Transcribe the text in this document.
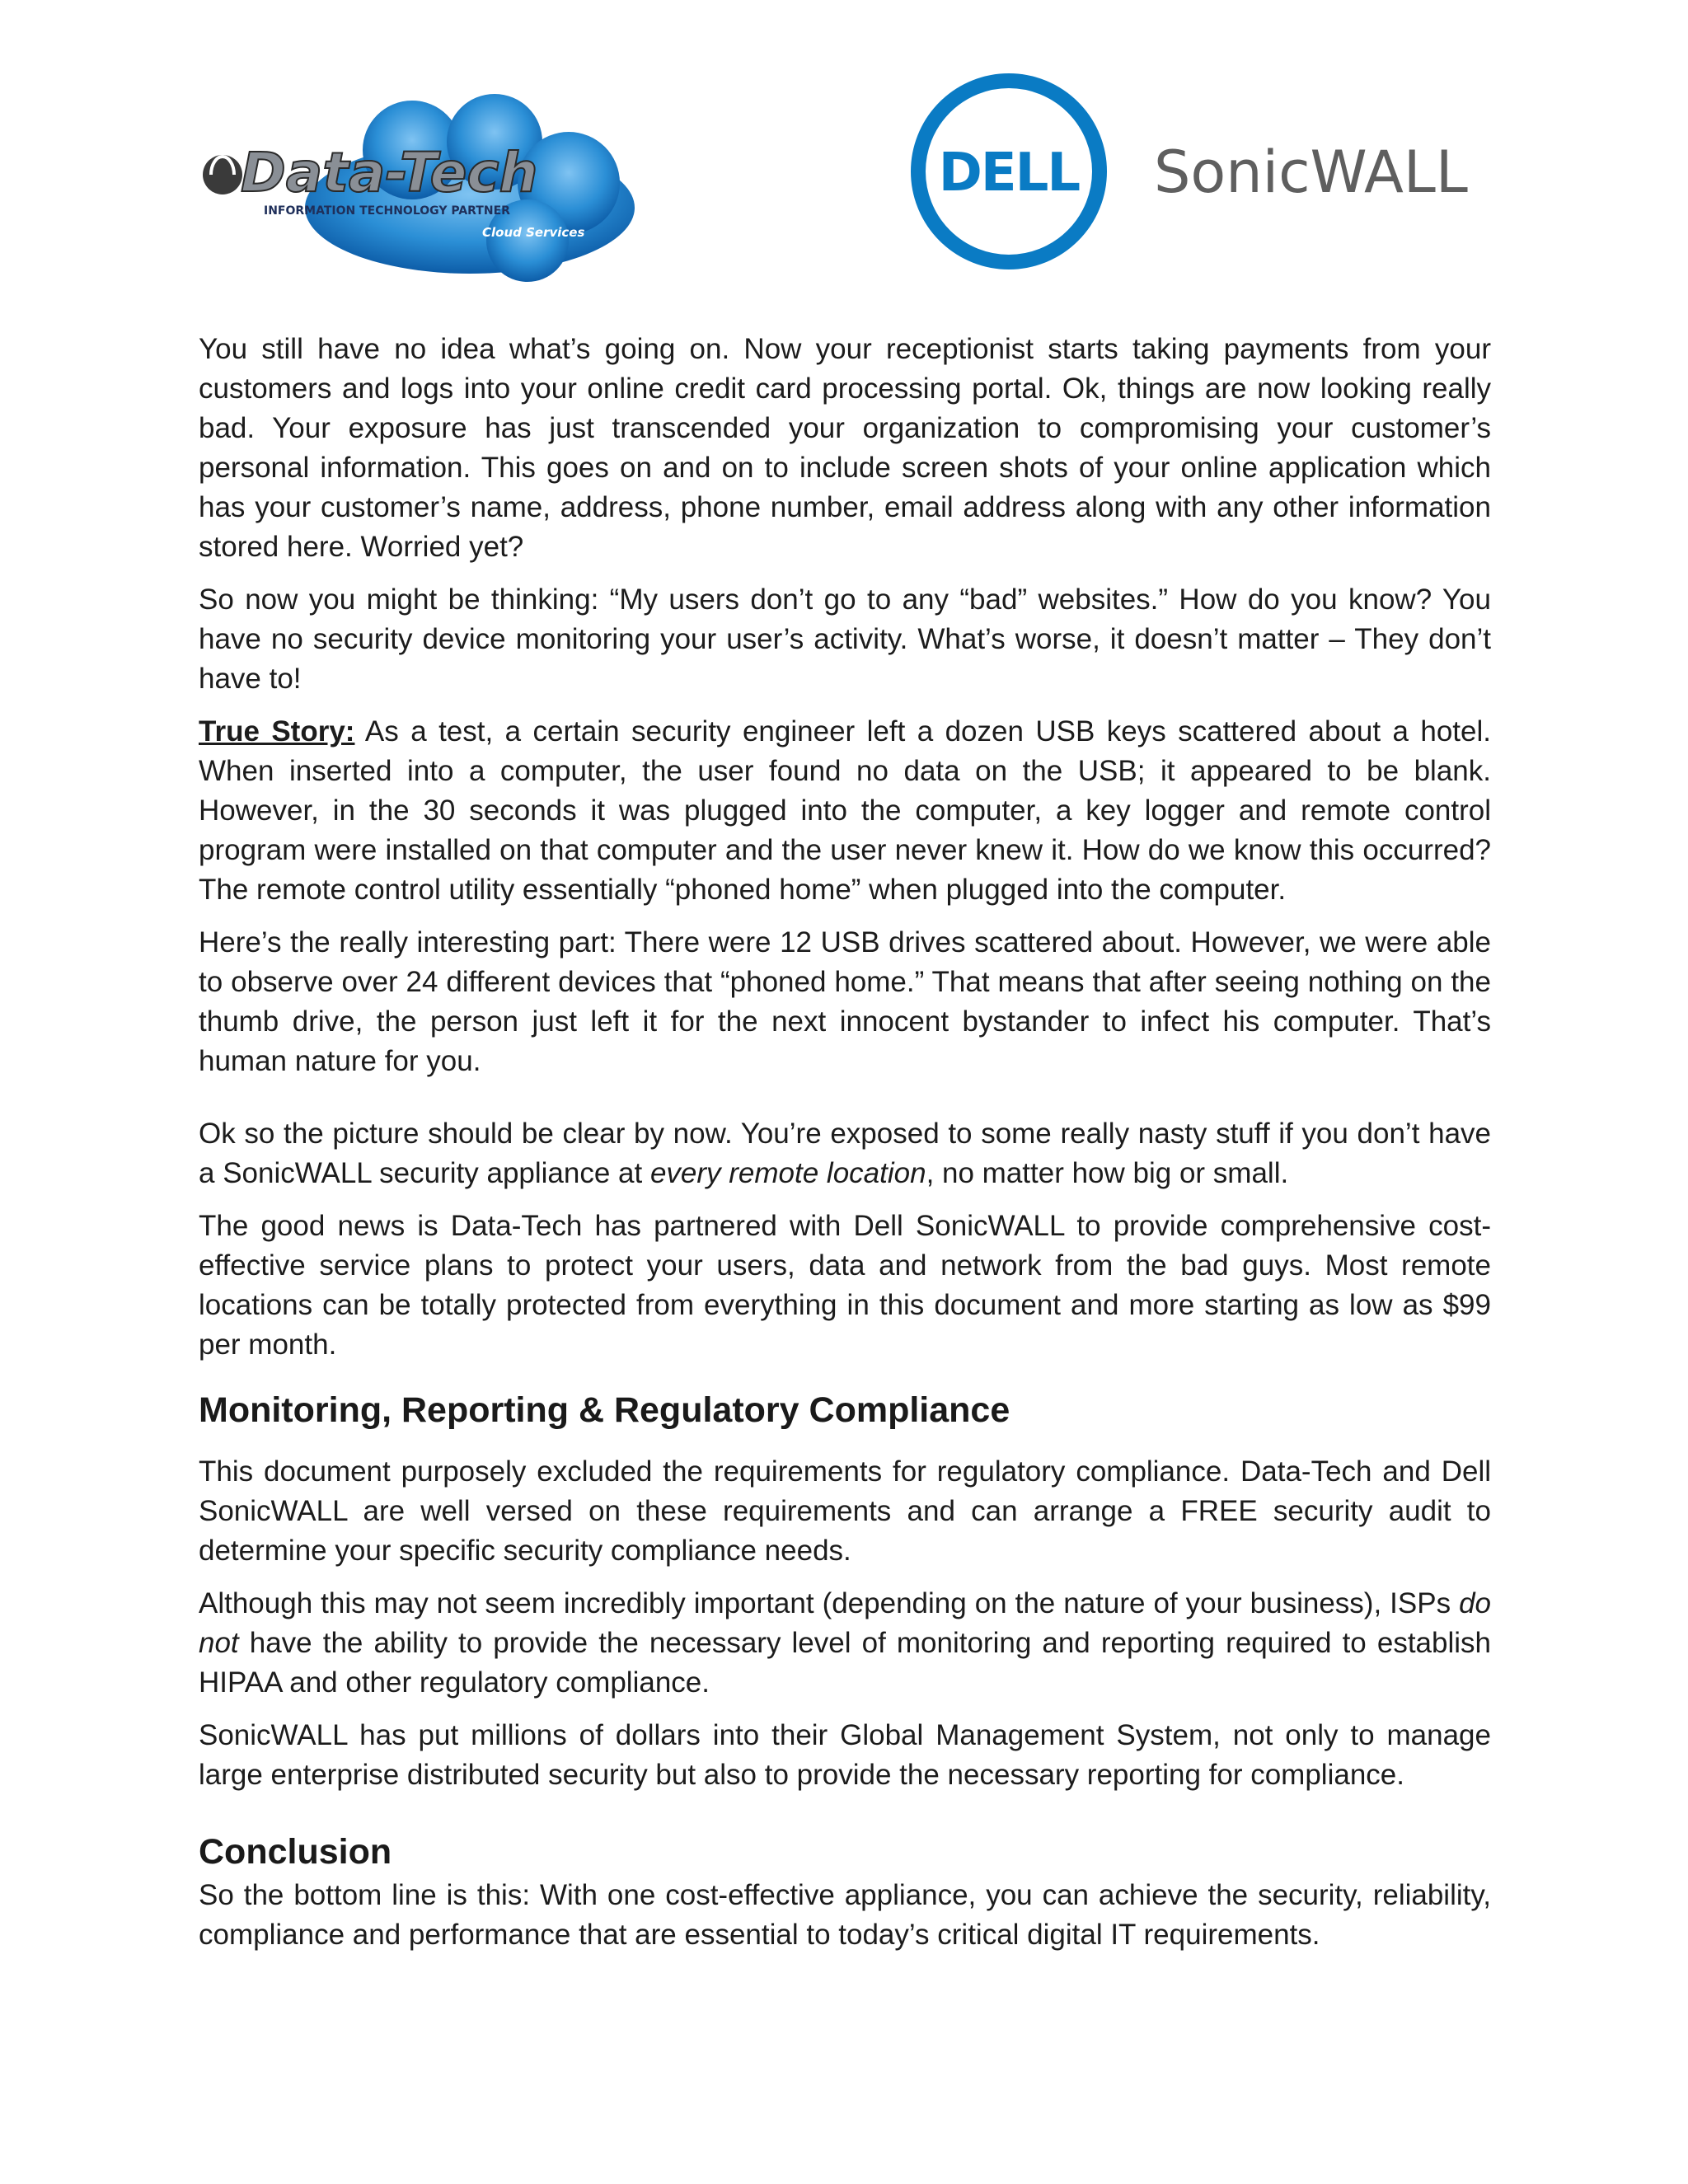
Data-Tech
INFORMATION TECHNOLOGY PARTNER
Cloud Services
DELL SonicWALL

You still have no idea what’s going on. Now your receptionist starts taking payments from your customers and logs into your online credit card processing portal. Ok, things are now looking really bad. Your exposure has just transcended your organization to compromising your customer’s personal information. This goes on and on to include screen shots of your online application which has your customer’s name, address, phone number, email address along with any other information stored here. Worried yet?

So now you might be thinking: “My users don’t go to any “bad” websites.” How do you know? You have no security device monitoring your user’s activity. What’s worse, it doesn’t matter – They don’t have to!

True Story: As a test, a certain security engineer left a dozen USB keys scattered about a hotel. When inserted into a computer, the user found no data on the USB; it appeared to be blank. However, in the 30 seconds it was plugged into the computer, a key logger and remote control program were installed on that computer and the user never knew it. How do we know this occurred? The remote control utility essentially “phoned home” when plugged into the computer.

Here’s the really interesting part: There were 12 USB drives scattered about. However, we were able to observe over 24 different devices that “phoned home.” That means that after seeing nothing on the thumb drive, the person just left it for the next innocent bystander to infect his computer. That’s human nature for you.

Ok so the picture should be clear by now. You’re exposed to some really nasty stuff if you don’t have a SonicWALL security appliance at every remote location, no matter how big or small.

The good news is Data-Tech has partnered with Dell SonicWALL to provide comprehensive cost-effective service plans to protect your users, data and network from the bad guys. Most remote locations can be totally protected from everything in this document and more starting as low as $99 per month.

Monitoring, Reporting & Regulatory Compliance

This document purposely excluded the requirements for regulatory compliance. Data-Tech and Dell SonicWALL are well versed on these requirements and can arrange a FREE security audit to determine your specific security compliance needs.

Although this may not seem incredibly important (depending on the nature of your business), ISPs do not have the ability to provide the necessary level of monitoring and reporting required to establish HIPAA and other regulatory compliance.

SonicWALL has put millions of dollars into their Global Management System, not only to manage large enterprise distributed security but also to provide the necessary reporting for compliance.

Conclusion

So the bottom line is this: With one cost-effective appliance, you can achieve the security, reliability, compliance and performance that are essential to today’s critical digital IT requirements.
